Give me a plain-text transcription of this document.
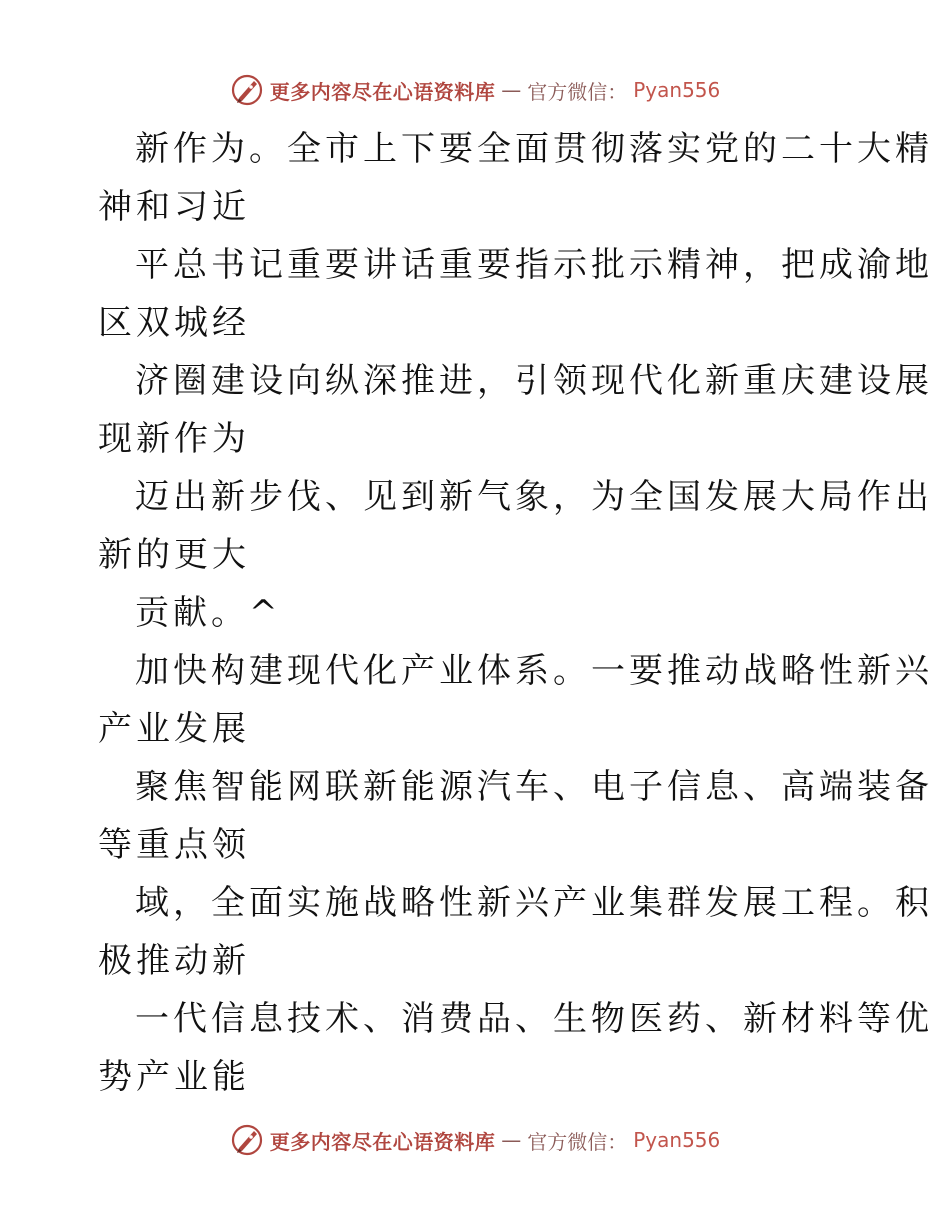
更多内容尽在心语资料库 — 官方微信： Pyan556
新作为。全市上下要全面贯彻落实党的二十大精
神和习近
平总书记重要讲话重要指示批示精神，把成渝地
区双城经
济圈建设向纵深推进，引领现代化新重庆建设展
现新作为
迈出新步伐、见到新气象，为全国发展大局作出
新的更大
贡献。^
加快构建现代化产业体系。一要推动战略性新兴
产业发展
聚焦智能网联新能源汽车、电子信息、高端装备
等重点领
域，全面实施战略性新兴产业集群发展工程。积
极推动新
一代信息技术、消费品、生物医药、新材料等优
势产业能
更多内容尽在心语资料库 — 官方微信： Pyan556
